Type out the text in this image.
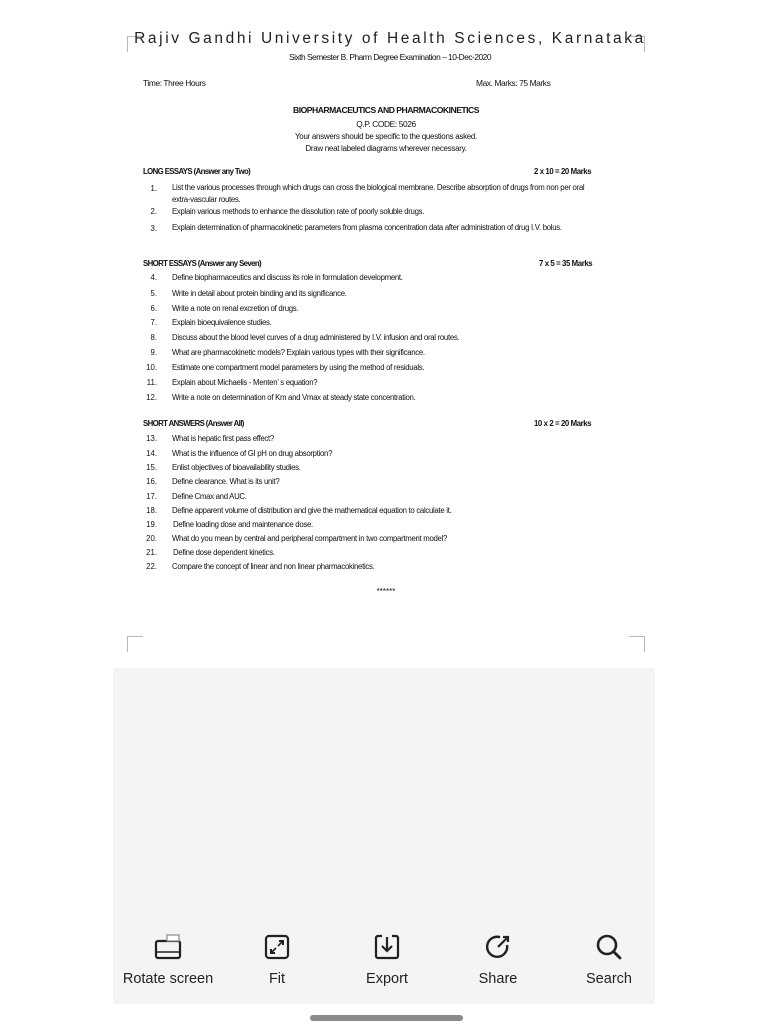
Rajiv Gandhi University of Health Sciences, Karnataka
Sixth Semester B. Pharm Degree Examination – 10-Dec-2020
Time: Three Hours	Max. Marks: 75 Marks
BIOPHARMACEUTICS AND PHARMACOKINETICS
Q.P. CODE: 5026
Your answers should be specific to the questions asked.
Draw neat labeled diagrams wherever necessary.
LONG ESSAYS (Answer any Two)	2 x 10 = 20 Marks
1. List the various processes through which drugs can cross the biological membrane. Describe absorption of drugs from non per oral extra-vascular routes.
2. Explain various methods to enhance the dissolution rate of poorly soluble drugs.
3. Explain determination of pharmacokinetic parameters from plasma concentration data after administration of drug I.V. bolus.
SHORT ESSAYS (Answer any Seven)	7 x 5 = 35 Marks
4. Define biopharmaceutics and discuss its role in formulation development.
5. Write in detail about protein binding and its significance.
6. Write a note on renal excretion of drugs.
7. Explain bioequivalence studies.
8. Discuss about the blood level curves of a drug administered by I.V. infusion and oral routes.
9. What are pharmacokinetic models? Explain various types with their significance.
10. Estimate one compartment model parameters by using the method of residuals.
11. Explain about Michaelis - Menten’ s equation?
12. Write a note on determination of Km and Vmax at steady state concentration.
SHORT ANSWERS (Answer All)	10 x 2 = 20 Marks
13. What is hepatic first pass effect?
14. What is the influence of GI pH on drug absorption?
15. Enlist objectives of bioavailability studies.
16. Define clearance. What is its unit?
17. Define Cmax and AUC.
18. Define apparent volume of distribution and give the mathematical equation to calculate it.
19. Define loading dose and maintenance dose.
20. What do you mean by central and peripheral compartment in two compartment model?
21. Define dose dependent kinetics.
22. Compare the concept of linear and non linear pharmacokinetics.
******
Rotate screen	Fit	Export	Share	Search
